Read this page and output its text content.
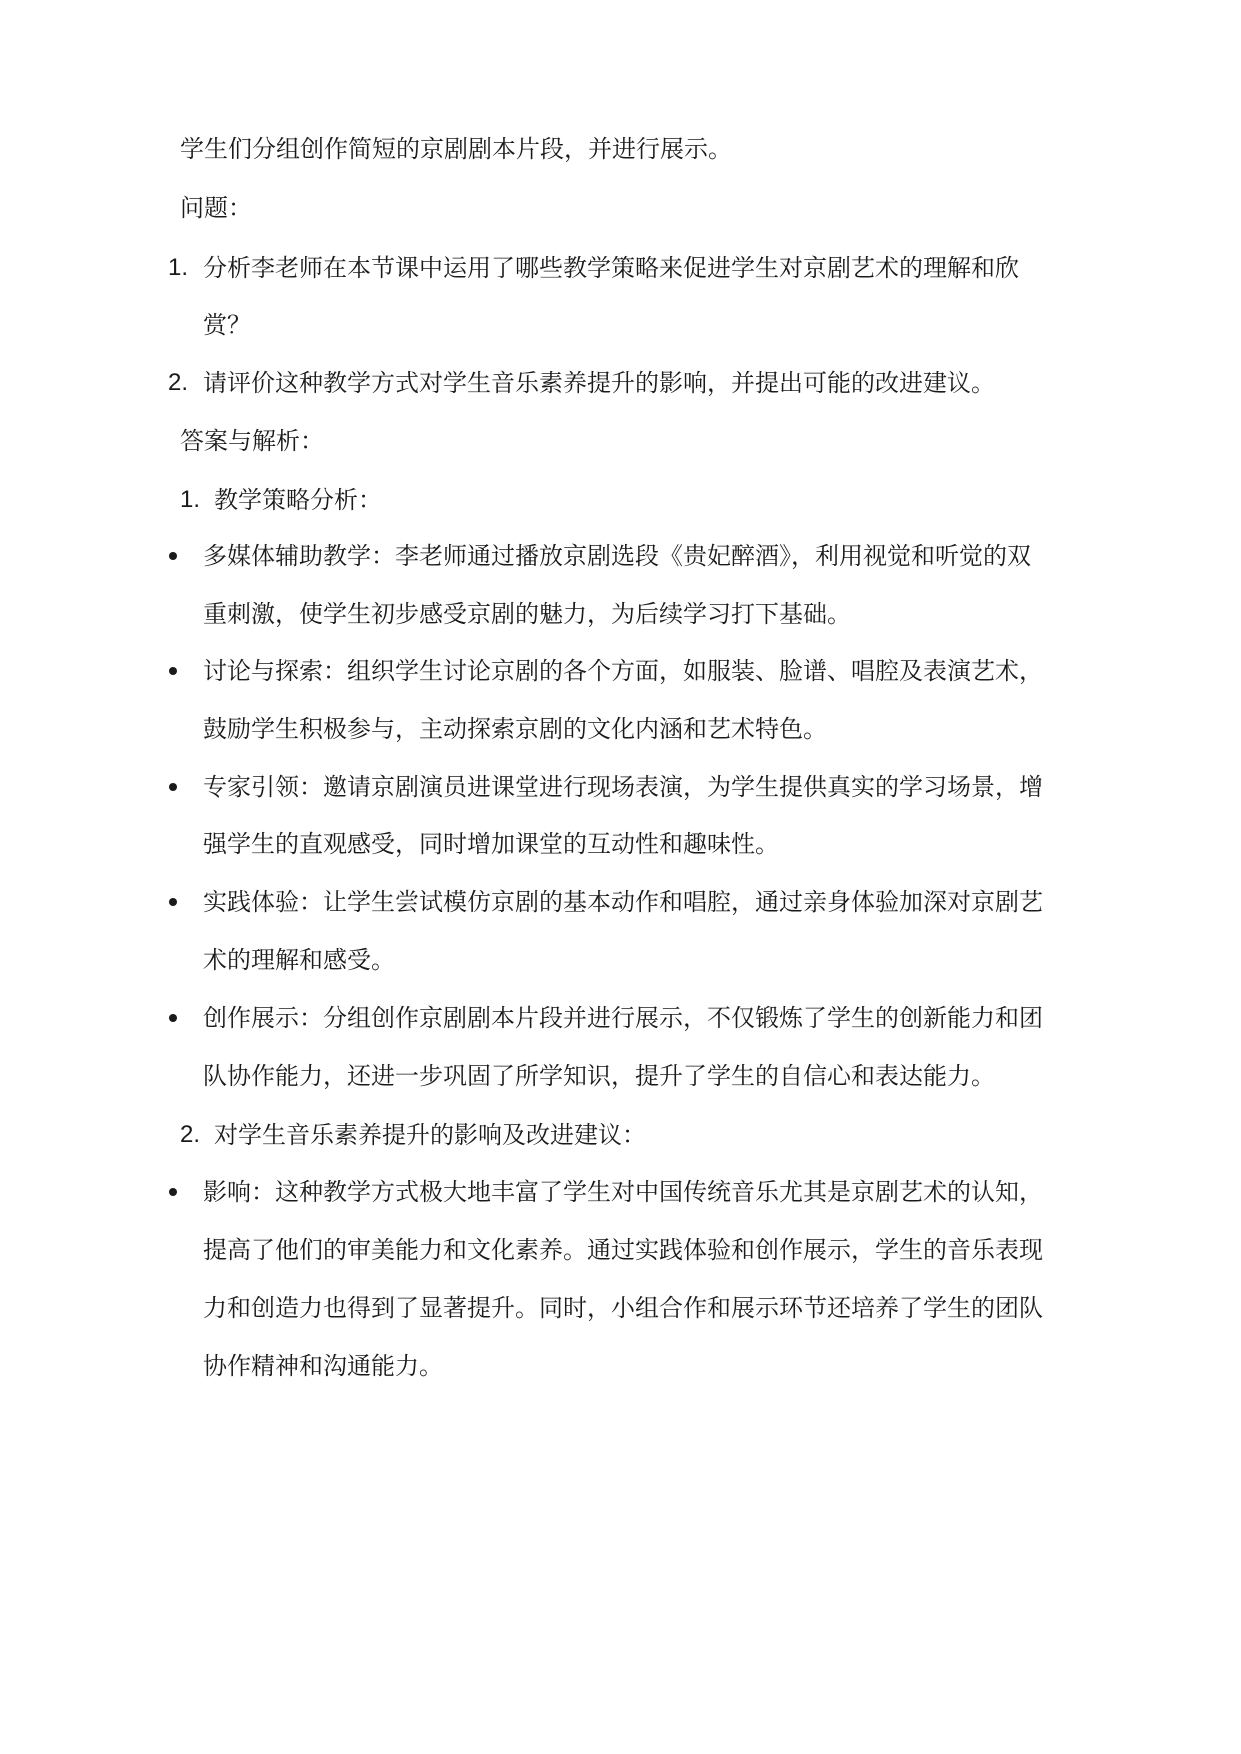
学生们分组创作简短的京剧剧本片段，并进行展示。
问题：
1. 分析李老师在本节课中运用了哪些教学策略来促进学生对京剧艺术的理解和欣
赏？
2. 请评价这种教学方式对学生音乐素养提升的影响，并提出可能的改进建议。
答案与解析：
1. 教学策略分析：
多媒体辅助教学：李老师通过播放京剧选段《贵妃醉酒》，利用视觉和听觉的双
重刺激，使学生初步感受京剧的魅力，为后续学习打下基础。
讨论与探索：组织学生讨论京剧的各个方面，如服装、脸谱、唱腔及表演艺术，
鼓励学生积极参与，主动探索京剧的文化内涵和艺术特色。
专家引领：邀请京剧演员进课堂进行现场表演，为学生提供真实的学习场景，增
强学生的直观感受，同时增加课堂的互动性和趣味性。
实践体验：让学生尝试模仿京剧的基本动作和唱腔，通过亲身体验加深对京剧艺
术的理解和感受。
创作展示：分组创作京剧剧本片段并进行展示，不仅锻炼了学生的创新能力和团
队协作能力，还进一步巩固了所学知识，提升了学生的自信心和表达能力。
2. 对学生音乐素养提升的影响及改进建议：
影响：这种教学方式极大地丰富了学生对中国传统音乐尤其是京剧艺术的认知，
提高了他们的审美能力和文化素养。通过实践体验和创作展示，学生的音乐表现
力和创造力也得到了显著提升。同时，小组合作和展示环节还培养了学生的团队
协作精神和沟通能力。
